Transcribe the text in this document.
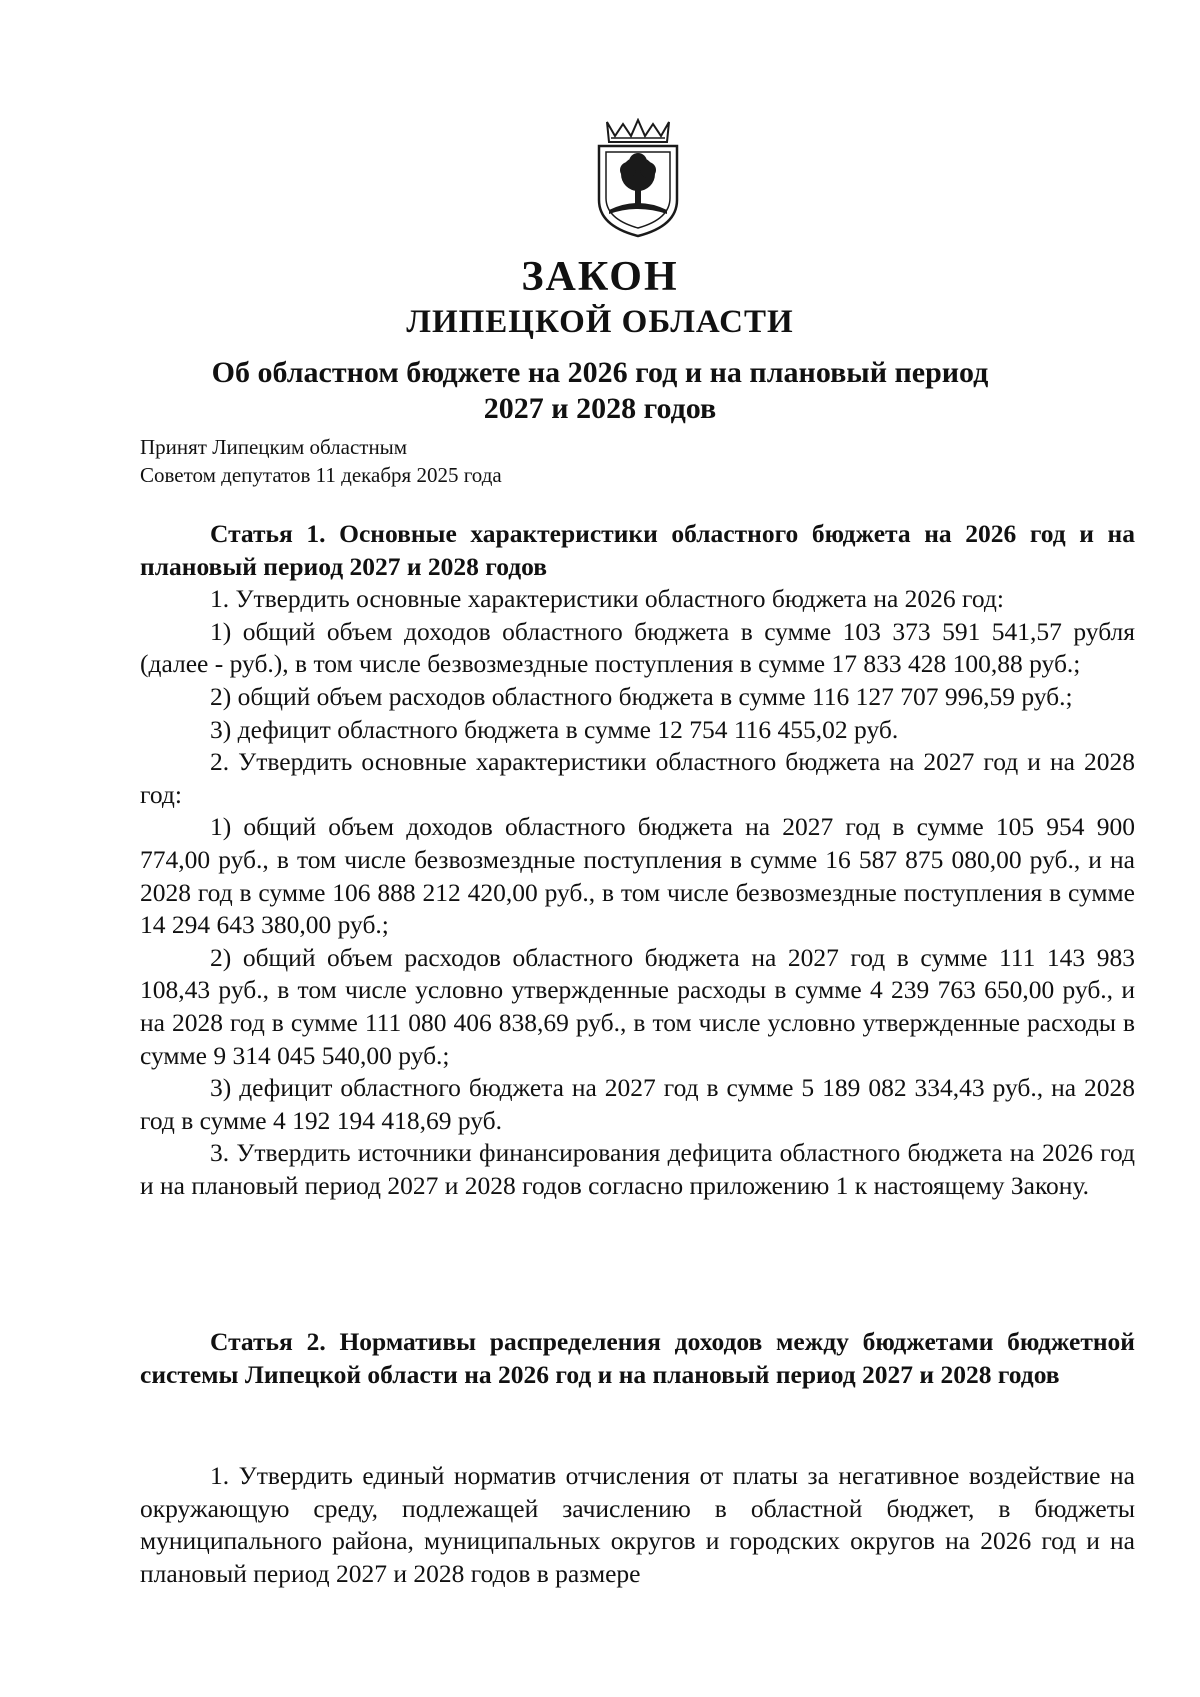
ЗАКОН
ЛИПЕЦКОЙ ОБЛАСТИ
Об областном бюджете на 2026 год и на плановый период
2027 и 2028 годов
Принят Липецким областным
Советом депутатов 11 декабря 2025 года

Статья 1. Основные характеристики областного бюджета на 2026 год и на плановый период 2027 и 2028 годов

1. Утвердить основные характеристики областного бюджета на 2026 год:

1) общий объем доходов областного бюджета в сумме 103 373 591 541,57 рубля (далее - руб.), в том числе безвозмездные поступления в сумме 17 833 428 100,88 руб.;

2) общий объем расходов областного бюджета в сумме 116 127 707 996,59 руб.;

3) дефицит областного бюджета в сумме 12 754 116 455,02 руб.

2. Утвердить основные характеристики областного бюджета на 2027 год и на 2028 год:

1) общий объем доходов областного бюджета на 2027 год в сумме 105 954 900 774,00 руб., в том числе безвозмездные поступления в сумме 16 587 875 080,00 руб., и на 2028 год в сумме 106 888 212 420,00 руб., в том числе безвозмездные поступления в сумме 14 294 643 380,00 руб.;

2) общий объем расходов областного бюджета на 2027 год в сумме 111 143 983 108,43 руб., в том числе условно утвержденные расходы в сумме 4 239 763 650,00 руб., и на 2028 год в сумме 111 080 406 838,69 руб., в том числе условно утвержденные расходы в сумме 9 314 045 540,00 руб.;

3) дефицит областного бюджета на 2027 год в сумме 5 189 082 334,43 руб., на 2028 год в сумме 4 192 194 418,69 руб.

3. Утвердить источники финансирования дефицита областного бюджета на 2026 год и на плановый период 2027 и 2028 годов согласно приложению 1 к настоящему Закону.

Статья 2. Нормативы распределения доходов между бюджетами бюджетной системы Липецкой области на 2026 год и на плановый период 2027 и 2028 годов

1. Утвердить единый норматив отчисления от платы за негативное воздействие на окружающую среду, подлежащей зачислению в областной бюджет, в бюджеты муниципального района, муниципальных округов и городских округов на 2026 год и на плановый период 2027 и 2028 годов в размере
